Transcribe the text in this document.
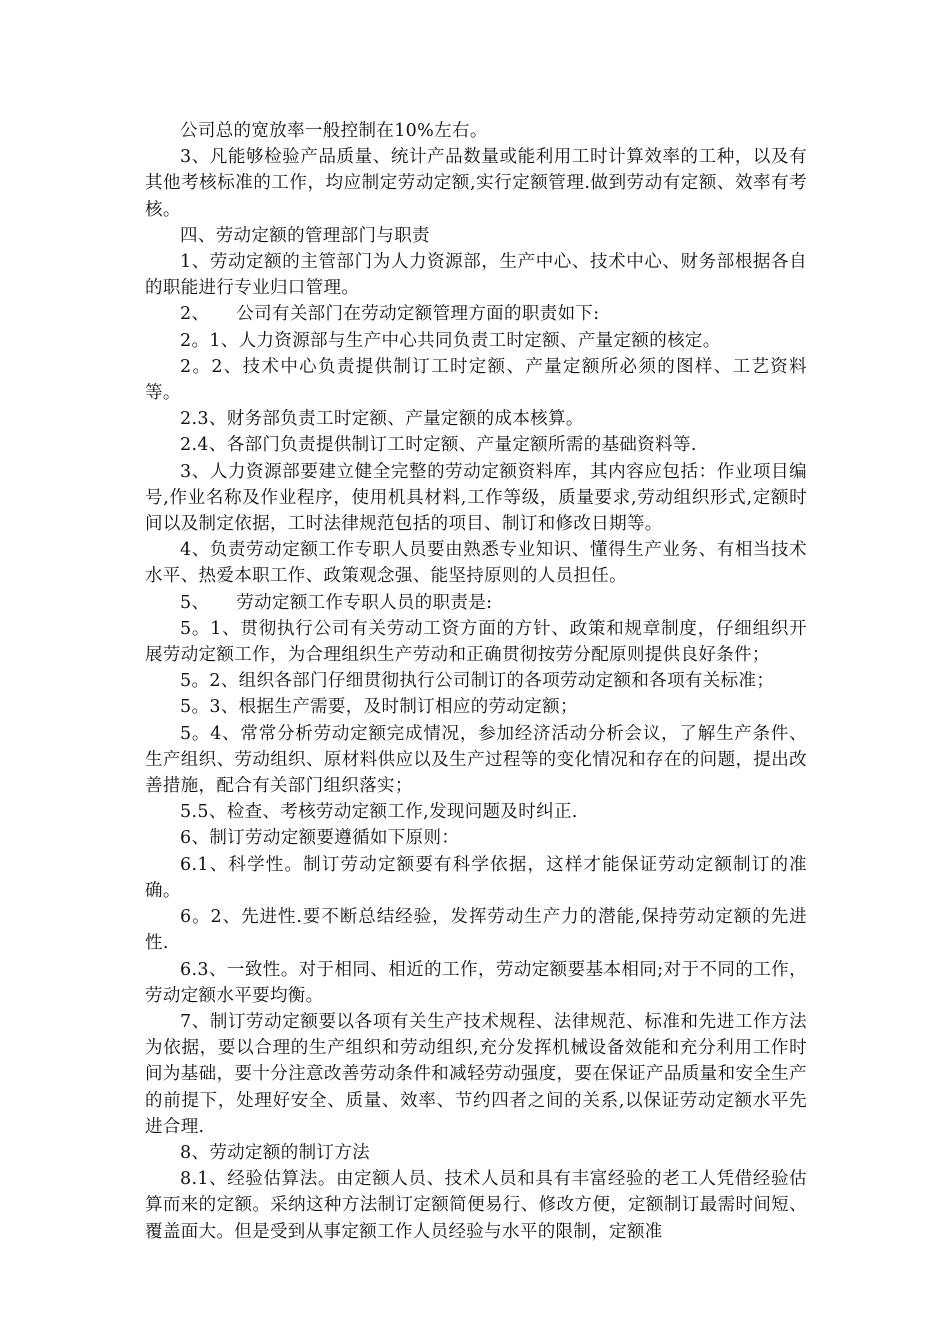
公司总的宽放率一般控制在10%左右。

3、凡能够检验产品质量、统计产品数量或能利用工时计算效率的工种，以及有其他考核标准的工作，均应制定劳动定额,实行定额管理.做到劳动有定额、效率有考核。

四、劳动定额的管理部门与职责

1、劳动定额的主管部门为人力资源部，生产中心、技术中心、财务部根据各自的职能进行专业归口管理。

2、　　公司有关部门在劳动定额管理方面的职责如下:

2。1、人力资源部与生产中心共同负责工时定额、产量定额的核定。

2。2、技术中心负责提供制订工时定额、产量定额所必须的图样、工艺资料等。

2.3、财务部负责工时定额、产量定额的成本核算。

2.4、各部门负责提供制订工时定额、产量定额所需的基础资料等.

3、人力资源部要建立健全完整的劳动定额资料库，其内容应包括：作业项目编号,作业名称及作业程序，使用机具材料,工作等级，质量要求,劳动组织形式,定额时间以及制定依据，工时法律规范包括的项目、制订和修改日期等。

4、负责劳动定额工作专职人员要由熟悉专业知识、懂得生产业务、有相当技术水平、热爱本职工作、政策观念强、能坚持原则的人员担任。

5、　　劳动定额工作专职人员的职责是:

5。1、贯彻执行公司有关劳动工资方面的方针、政策和规章制度，仔细组织开展劳动定额工作，为合理组织生产劳动和正确贯彻按劳分配原则提供良好条件；

5。2、组织各部门仔细贯彻执行公司制订的各项劳动定额和各项有关标准；

5。3、根据生产需要，及时制订相应的劳动定额；

5。4、常常分析劳动定额完成情况，参加经济活动分析会议，了解生产条件、生产组织、劳动组织、原材料供应以及生产过程等的变化情况和存在的问题，提出改善措施，配合有关部门组织落实；

5.5、检查、考核劳动定额工作,发现问题及时纠正.

6、制订劳动定额要遵循如下原则：

6.1、科学性。制订劳动定额要有科学依据，这样才能保证劳动定额制订的准确。

6。2、先进性.要不断总结经验，发挥劳动生产力的潜能,保持劳动定额的先进性.

6.3、一致性。对于相同、相近的工作，劳动定额要基本相同;对于不同的工作，劳动定额水平要均衡。

7、制订劳动定额要以各项有关生产技术规程、法律规范、标准和先进工作方法为依据，要以合理的生产组织和劳动组织,充分发挥机械设备效能和充分利用工作时间为基础，要十分注意改善劳动条件和减轻劳动强度，要在保证产品质量和安全生产的前提下，处理好安全、质量、效率、节约四者之间的关系,以保证劳动定额水平先进合理.

8、劳动定额的制订方法

8.1、经验估算法。由定额人员、技术人员和具有丰富经验的老工人凭借经验估算而来的定额。采纳这种方法制订定额简便易行、修改方便，定额制订最需时间短、覆盖面大。但是受到从事定额工作人员经验与水平的限制，定额准
